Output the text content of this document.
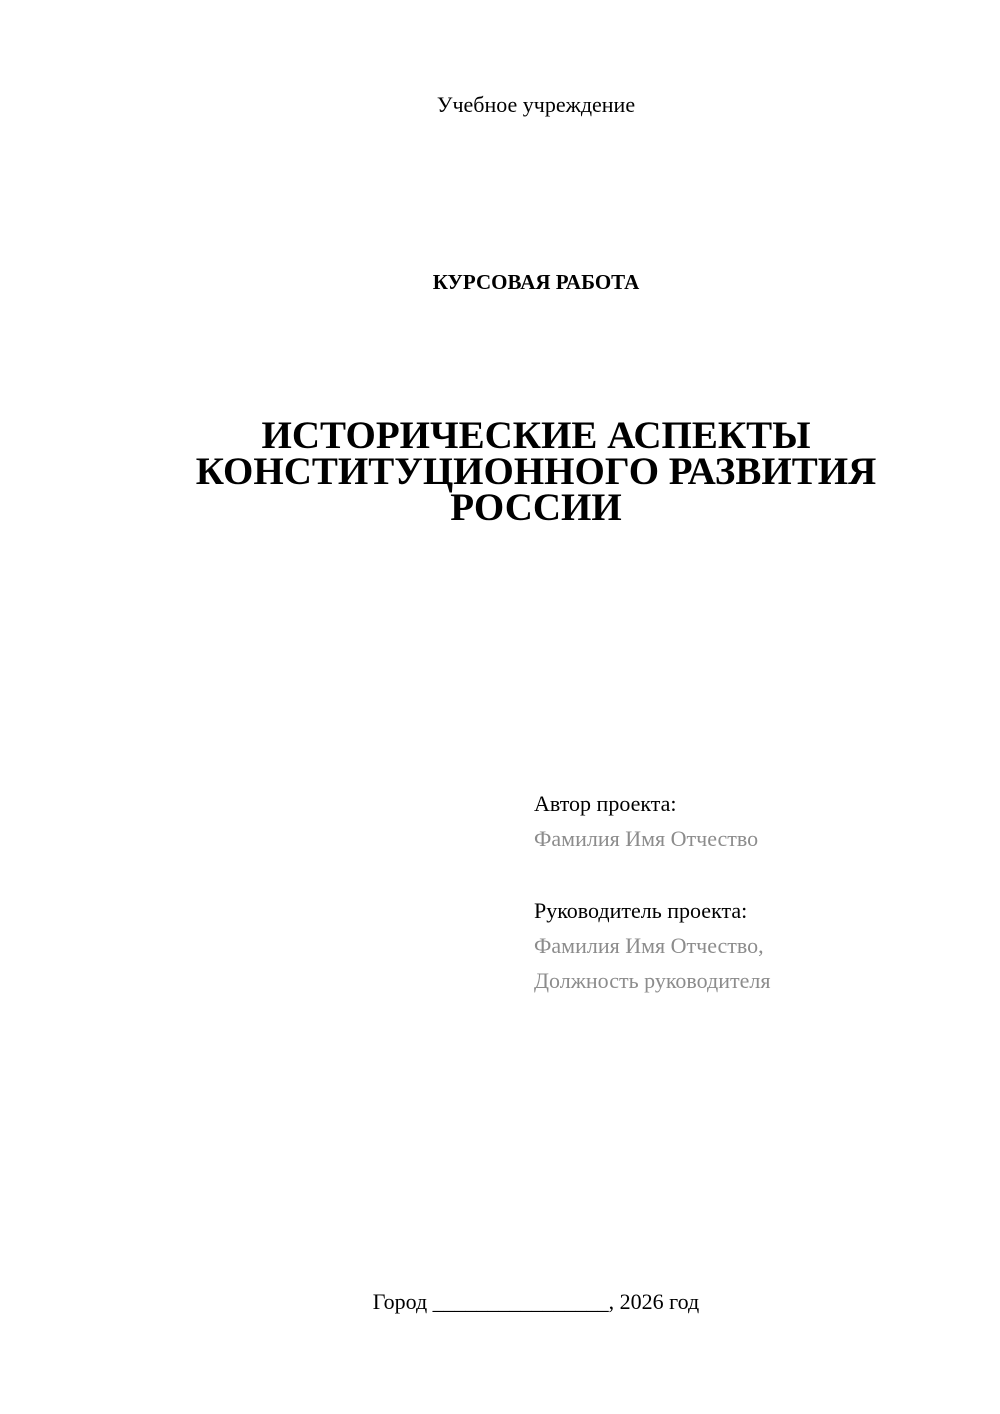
Учебное учреждение
КУРСОВАЯ РАБОТА
ИСТОРИЧЕСКИЕ АСПЕКТЫ
КОНСТИТУЦИОННОГО РАЗВИТИЯ
РОССИИ
Автор проекта:
Фамилия Имя Отчество
Руководитель проекта:
Фамилия Имя Отчество,
Должность руководителя
Город ________________, 2026 год
